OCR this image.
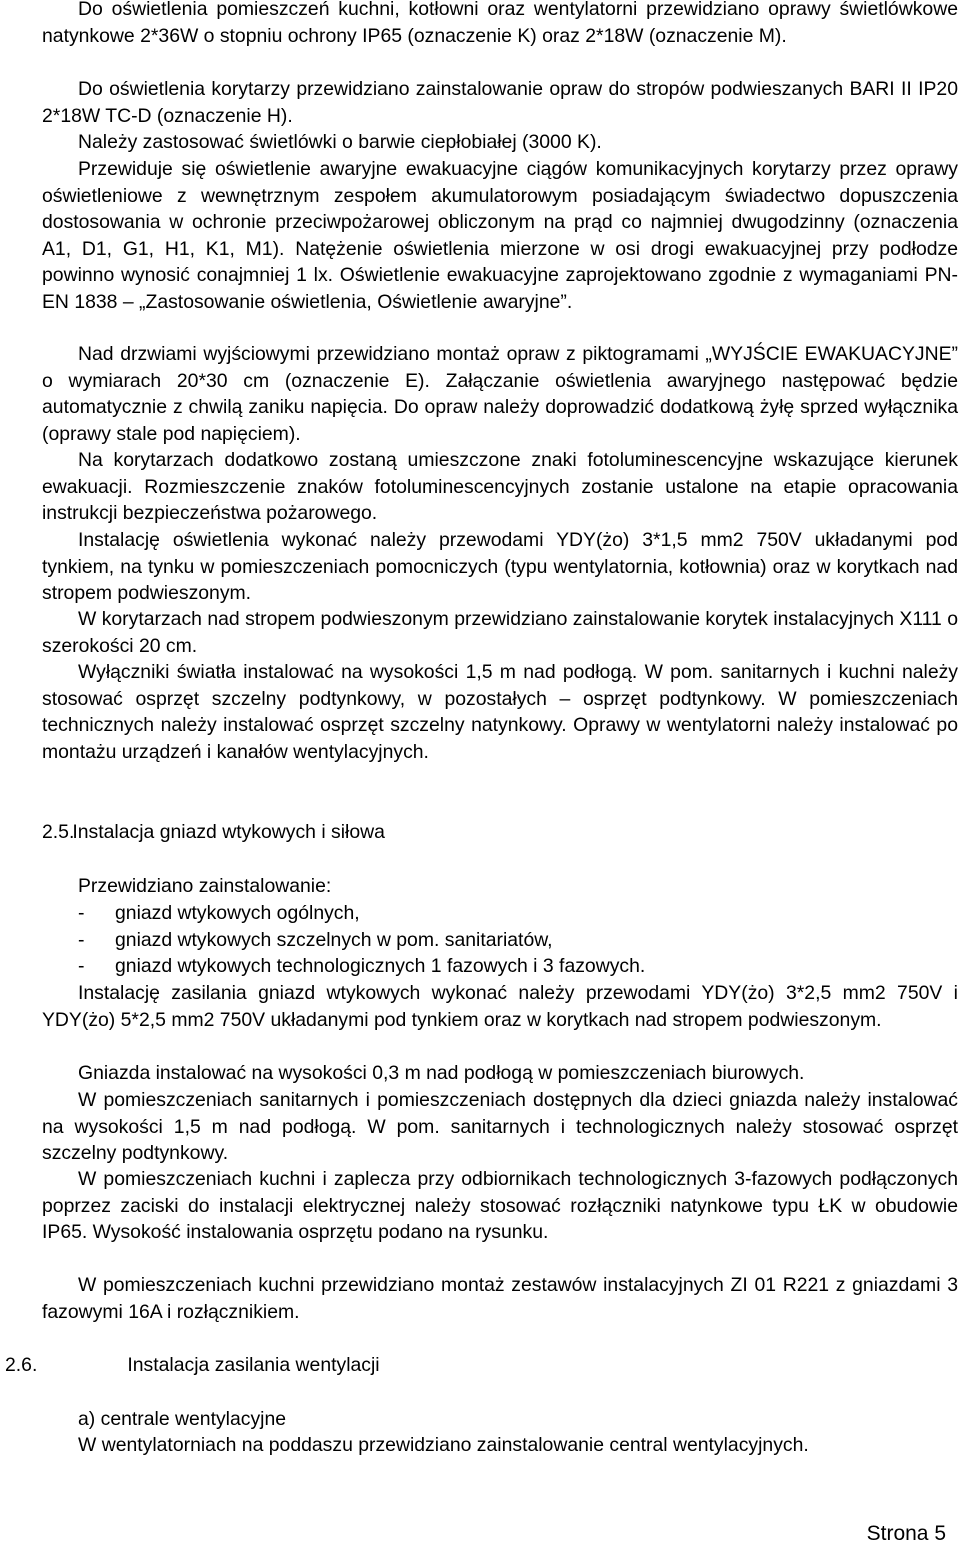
Do oświetlenia pomieszczeń kuchni, kotłowni oraz wentylatorni przewidziano oprawy świetlówkowe natynkowe 2*36W o stopniu ochrony IP65 (oznaczenie K) oraz 2*18W (oznaczenie M).

Do oświetlenia korytarzy przewidziano zainstalowanie opraw do stropów podwieszanych BARI II IP20 2*18W TC-D (oznaczenie H).

Należy zastosować świetlówki o barwie ciepłobiałej (3000 K).

Przewiduje się oświetlenie awaryjne ewakuacyjne ciągów komunikacyjnych korytarzy przez oprawy oświetleniowe z wewnętrznym zespołem akumulatorowym posiadającym świadectwo dopuszczenia dostosowania w ochronie przeciwpożarowej obliczonym na prąd co najmniej dwugodzinny (oznaczenia A1, D1, G1, H1, K1, M1). Natężenie oświetlenia mierzone w osi drogi ewakuacyjnej przy podłodze powinno wynosić conajmniej 1 lx. Oświetlenie ewakuacyjne zaprojektowano zgodnie z wymaganiami PN-EN 1838 – „Zastosowanie oświetlenia, Oświetlenie awaryjne”.

Nad drzwiami wyjściowymi przewidziano montaż opraw z piktogramami „WYJŚCIE EWAKUACYJNE” o wymiarach 20*30 cm (oznaczenie E). Załączanie oświetlenia awaryjnego następować będzie automatycznie z chwilą zaniku napięcia. Do opraw należy doprowadzić dodatkową żyłę sprzed wyłącznika (oprawy stale pod napięciem).

Na korytarzach dodatkowo zostaną umieszczone znaki fotoluminescencyjne wskazujące kierunek ewakuacji. Rozmieszczenie znaków fotoluminescencyjnych zostanie ustalone na etapie opracowania instrukcji bezpieczeństwa pożarowego.

Instalację oświetlenia wykonać należy przewodami YDY(żo) 3*1,5 mm2 750V układanymi pod tynkiem, na tynku w pomieszczeniach pomocniczych (typu wentylatornia, kotłownia) oraz w korytkach nad stropem podwieszonym.

W korytarzach nad stropem podwieszonym przewidziano zainstalowanie korytek instalacyjnych X111 o szerokości 20 cm.

Wyłączniki światła instalować na wysokości 1,5 m nad podłogą. W pom. sanitarnych i kuchni należy stosować osprzęt szczelny podtynkowy, w pozostałych – osprzęt podtynkowy. W pomieszczeniach technicznych należy instalować osprzęt szczelny natynkowy. Oprawy w wentylatorni należy instalować po montażu urządzeń i kanałów wentylacyjnych.

2.5. Instalacja gniazd wtykowych i siłowa

Przewidziano zainstalowanie:

- gniazd wtykowych ogólnych,
- gniazd wtykowych szczelnych w pom. sanitariatów,
- gniazd wtykowych technologicznych 1 fazowych i 3 fazowych.

Instalację zasilania gniazd wtykowych wykonać należy przewodami YDY(żo) 3*2,5 mm2 750V i YDY(żo) 5*2,5 mm2 750V układanymi pod tynkiem oraz w korytkach nad stropem podwieszonym.

Gniazda instalować na wysokości 0,3 m nad podłogą w pomieszczeniach biurowych.

W pomieszczeniach sanitarnych i pomieszczeniach dostępnych dla dzieci gniazda należy instalować na wysokości 1,5 m nad podłogą. W pom. sanitarnych i technologicznych należy stosować osprzęt szczelny podtynkowy.

W pomieszczeniach kuchni i zaplecza przy odbiornikach technologicznych 3-fazowych podłączonych poprzez zaciski do instalacji elektrycznej należy stosować rozłączniki natynkowe typu ŁK w obudowie IP65. Wysokość instalowania osprzętu podano na rysunku.

W pomieszczeniach kuchni przewidziano montaż zestawów instalacyjnych ZI 01 R221 z gniazdami 3 fazowymi 16A i rozłącznikiem.

2.6.	Instalacja zasilania wentylacji

a) centrale wentylacyjne

W wentylatorniach na poddaszu przewidziano zainstalowanie central wentylacyjnych.

Strona 5
